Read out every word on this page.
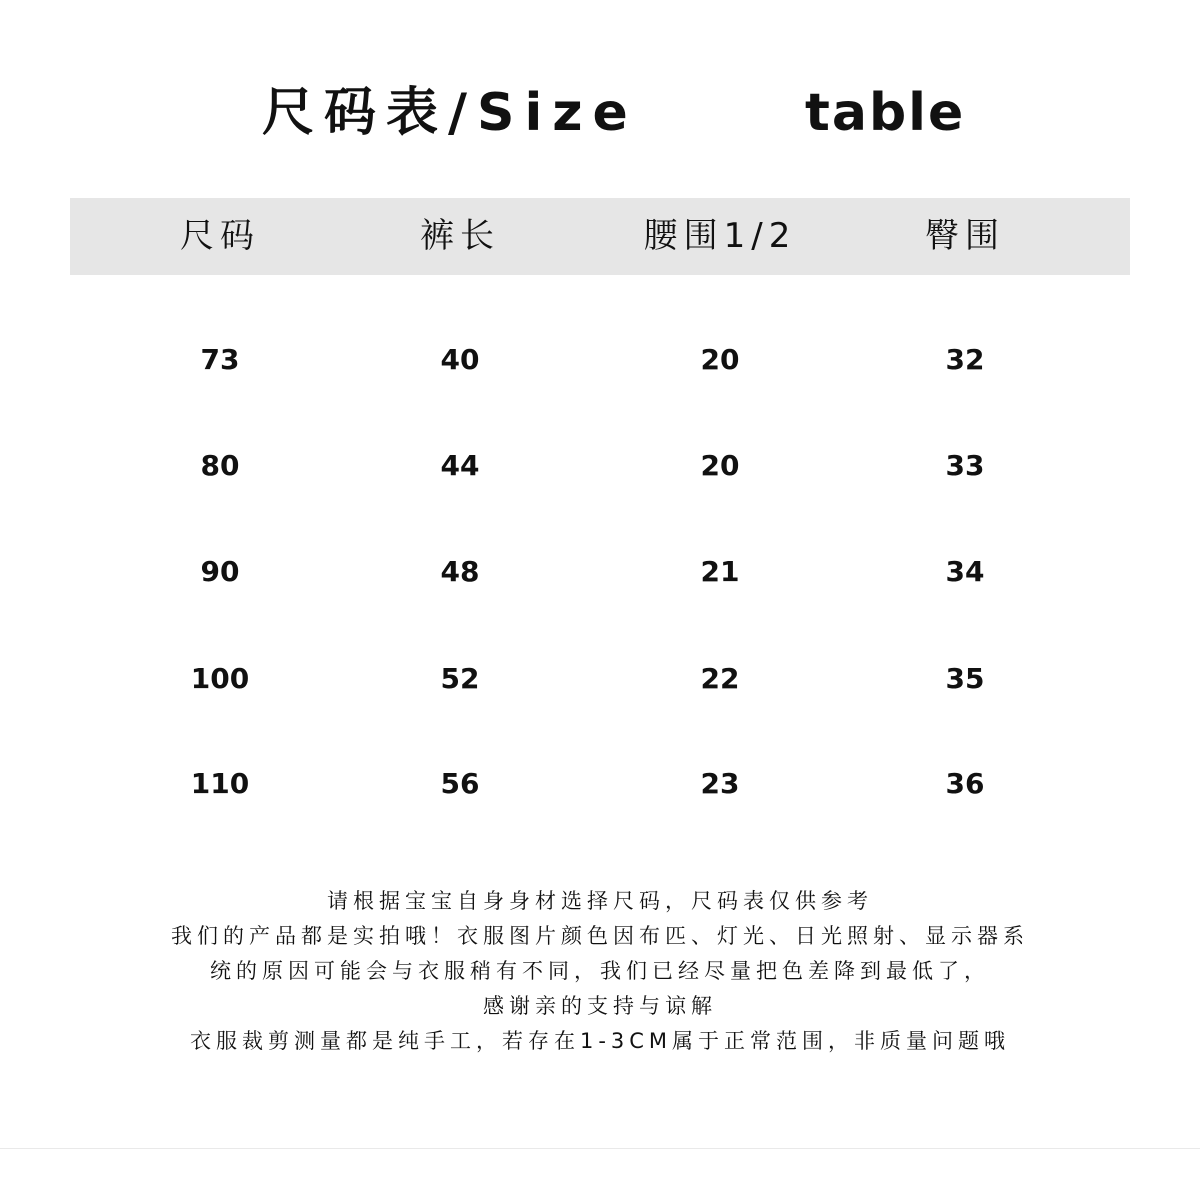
尺码表/Size	table
尺码	裤长	腰围1/2	臀围
73	40	20	32
80	44	20	33
90	48	21	34
100	52	22	35
110	56	23	36
请根据宝宝自身身材选择尺码，尺码表仅供参考
我们的产品都是实拍哦！衣服图片颜色因布匹、灯光、日光照射、显示器系
统的原因可能会与衣服稍有不同，我们已经尽量把色差降到最低了，
感谢亲的支持与谅解
衣服裁剪测量都是纯手工，若存在1-3CM属于正常范围，非质量问题哦
